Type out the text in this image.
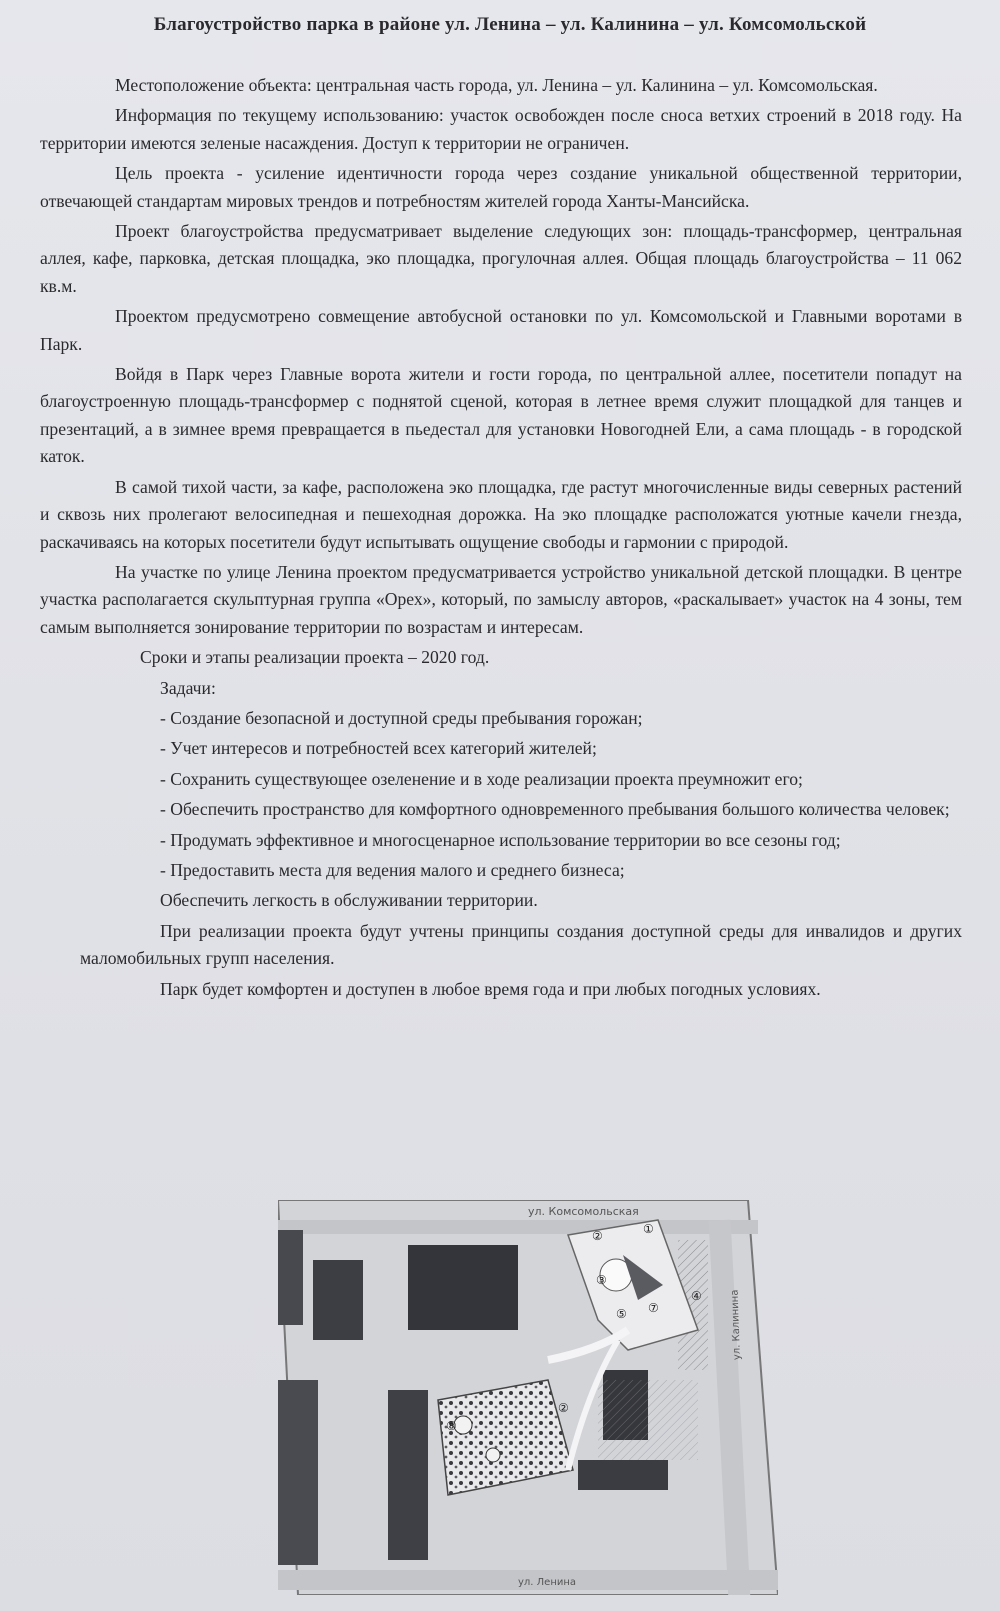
Благоустройство парка в районе ул. Ленина – ул. Калинина – ул. Комсомольской

Местоположение объекта: центральная часть города, ул. Ленина – ул. Калинина – ул. Комсомольская.

Информация по текущему использованию: участок освобожден после сноса ветхих строений в 2018 году. На территории имеются зеленые насаждения. Доступ к территории не ограничен.

Цель проекта - усиление идентичности города через создание уникальной общественной территории, отвечающей стандартам мировых трендов и потребностям жителей города Ханты-Мансийска.

Проект благоустройства предусматривает выделение следующих зон: площадь-трансформер, центральная аллея, кафе, парковка, детская площадка, эко площадка, прогулочная аллея. Общая площадь благоустройства – 11 062 кв.м.

Проектом предусмотрено совмещение автобусной остановки по ул. Комсомольской и Главными воротами в Парк.

Войдя в Парк через Главные ворота жители и гости города, по центральной аллее, посетители попадут на благоустроенную площадь-трансформер с поднятой сценой, которая в летнее время служит площадкой для танцев и презентаций, а в зимнее время превращается в пьедестал для установки Новогодней Ели, а сама площадь - в городской каток.

В самой тихой части, за кафе, расположена эко площадка, где растут многочисленные виды северных растений и сквозь них пролегают велосипедная и пешеходная дорожка. На эко площадке расположатся уютные качели гнезда, раскачиваясь на которых посетители будут испытывать ощущение свободы и гармонии с природой.

На участке по улице Ленина проектом предусматривается устройство уникальной детской площадки. В центре участка располагается скульптурная группа «Орех», который, по замыслу авторов, «раскалывает» участок на 4 зоны, тем самым выполняется зонирование территории по возрастам и интересам.

Сроки и этапы реализации проекта – 2020 год.

Задачи:

- Создание безопасной и доступной среды пребывания горожан;

- Учет интересов и потребностей всех категорий жителей;

- Сохранить существующее озеленение и в ходе реализации проекта преумножит его;

- Обеспечить пространство для комфортного одновременного пребывания большого количества человек;

- Продумать эффективное и многосценарное использование территории во все сезоны год;

- Предоставить места для ведения малого и среднего бизнеса;

Обеспечить легкость в обслуживании территории.

При реализации проекта будут учтены принципы создания доступной среды для инвалидов и других маломобильных групп населения.

Парк будет комфортен и доступен в любое время года и при любых погодных условиях.

ул. Комсомольская
ул. Калинина
ул. Ленина
②	①
③
④
⑤ ⑦
②
⑧
